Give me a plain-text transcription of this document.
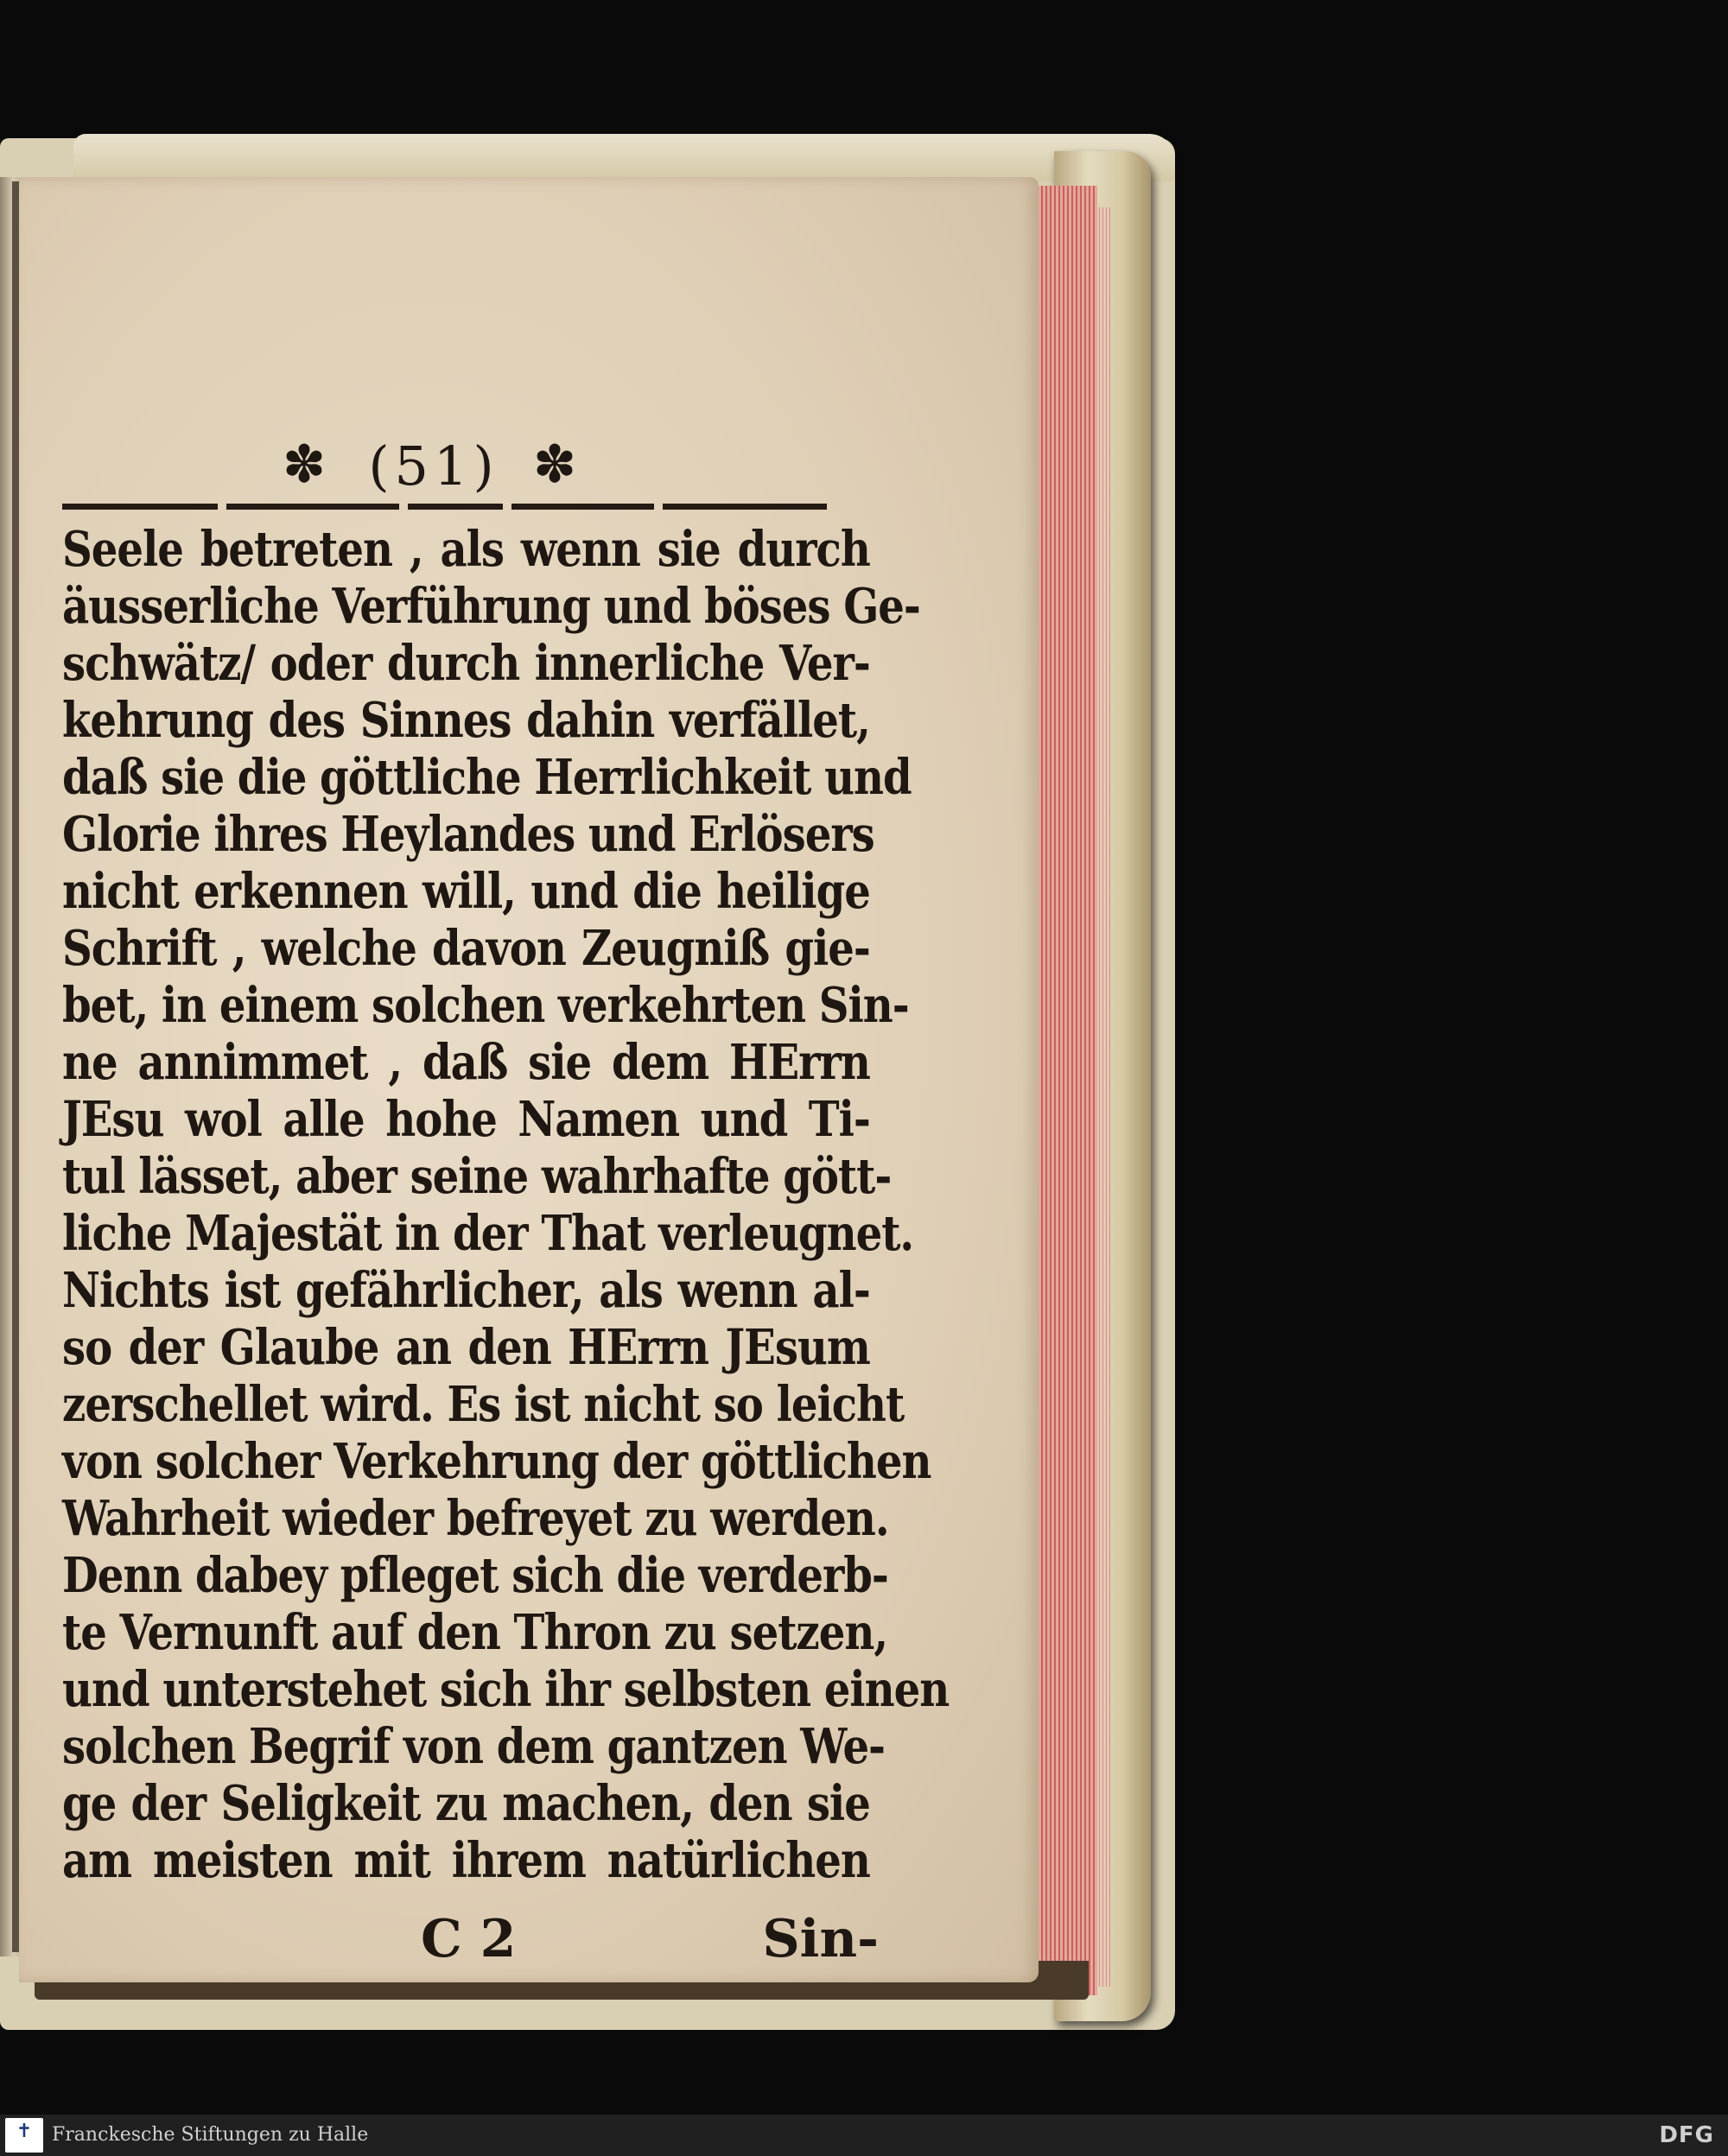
✽ (51) ✽
Seele betreten , als wenn sie durch
äusserliche Verführung und böses Ge-
schwätz/ oder durch innerliche Ver-
kehrung des Sinnes dahin verfället,
daß sie die göttliche Herrlichkeit und
Glorie ihres Heylandes und Erlösers
nicht erkennen will, und die heilige
Schrift , welche davon Zeugniß gie-
bet, in einem solchen verkehrten Sin-
ne annimmet , daß sie dem HErrn
JEsu wol alle hohe Namen und Ti-
tul lässet, aber seine wahrhafte gött-
liche Majestät in der That verleugnet.
Nichts ist gefährlicher, als wenn al-
so der Glaube an den HErrn JEsum
zerschellet wird. Es ist nicht so leicht
von solcher Verkehrung der göttlichen
Wahrheit wieder befreyet zu werden.
Denn dabey pfleget sich die verderb-
te Vernunft auf den Thron zu setzen,
und unterstehet sich ihr selbsten einen
solchen Begrif von dem gantzen We-
ge der Seligkeit zu machen, den sie
am meisten mit ihrem natürlichen
C 2	Sin-
✝ Franckesche Stiftungen zu Halle	DFG
